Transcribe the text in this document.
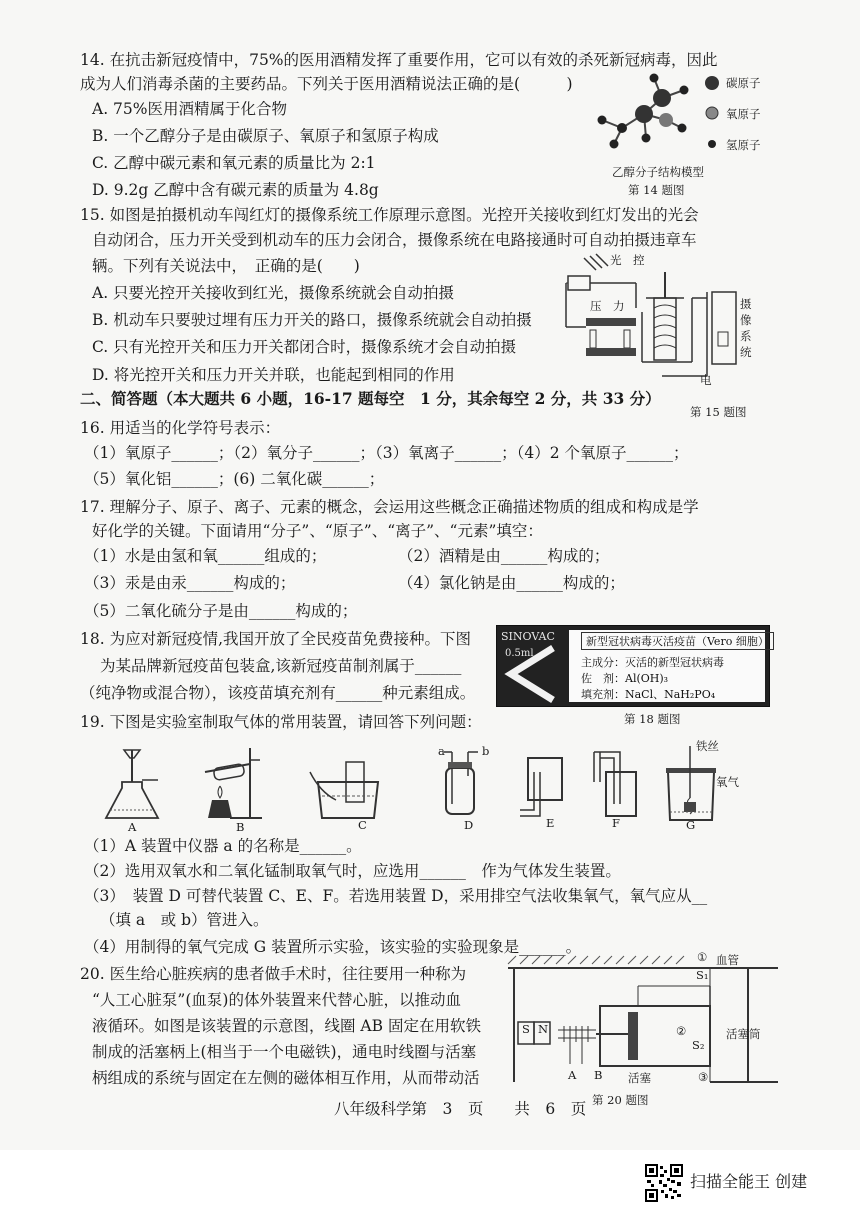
14. 在抗击新冠疫情中，75%的医用酒精发挥了重要作用，它可以有效的杀死新冠病毒，因此
成为人们消毒杀菌的主要药品。下列关于医用酒精说法正确的是(　　　)
A. 75%医用酒精属于化合物
B. 一个乙醇分子是由碳原子、氧原子和氢原子构成
C. 乙醇中碳元素和氧元素的质量比为 2:1
D. 9.2g 乙醇中含有碳元素的质量为 4.8g
碳原子
氧原子
氢原子
乙醇分子结构模型
第 14 题图
15. 如图是拍摄机动车闯红灯的摄像系统工作原理示意图。光控开关接收到红灯发出的光会
自动闭合，压力开关受到机动车的压力会闭合，摄像系统在电路接通时可自动拍摄违章车
辆。下列有关说法中，　正确的是(　　)
A. 只要光控开关接收到红光，摄像系统就会自动拍摄
B. 机动车只要驶过埋有压力开关的路口，摄像系统就会自动拍摄
C. 只有光控开关和压力开关都闭合时，摄像系统才会自动拍摄
D. 将光控开关和压力开关并联，也能起到相同的作用
光　控
压　力	摄像系统
电
第 15 题图
二、简答题（本大题共 6 小题，16-17 题每空　1 分，其余每空 2 分，共 33 分）
16. 用适当的化学符号表示：
（1）氧原子______；（2）氧分子______；（3）氧离子______；（4）2 个氧原子______；
（5）氧化铝______；(6) 二氧化碳______；
17. 理解分子、原子、离子、元素的概念，会运用这些概念正确描述物质的组成和构成是学
好化学的关键。下面请用“分子”、“原子”、“离子”、“元素”填空：
（1）水是由氢和氧______组成的；	（2）酒精是由______构成的；
（3）汞是由汞______构成的；	（4）氯化钠是由______构成的；
（5）二氧化硫分子是由______构成的；
18. 为应对新冠疫情,我国开放了全民疫苗免费接种。下图
为某品牌新冠疫苗包装盒,该新冠疫苗制剂属于______
（纯净物或混合物），该疫苗填充剂有______种元素组成。
SINOVAC
0.5ml
新型冠状病毒灭活疫苗（Vero 细胞）
主成分：灭活的新型冠状病毒
佐　剂：Al(OH)₃
填充剂：NaCl、NaH₂PO₄
第 18 题图
19. 下图是实验室制取气体的常用装置，请回答下列问题：
A	B	C	D	E	F	G
a	b	铁丝
氧气
（1）A 装置中仪器 a 的名称是______。
（2）选用双氧水和二氧化锰制取氧气时，应选用______　作为气体发生装置。
（3）　装置 D 可替代装置 C、E、F。若选用装置 D，采用排空气法收集氧气，氧气应从__
（填 a　或 b）管进入。
（4）用制得的氧气完成 G 装置所示实验，该实验的实验现象是______。
20. 医生给心脏疾病的患者做手术时，往往要用一种称为
“人工心脏泵”(血泵)的体外装置来代替心脏，以推动血
液循环。如图是该装置的示意图，线圈 AB 固定在用软铁
制成的活塞柄上(相当于一个电磁铁)，通电时线圈与活塞
柄组成的系统与固定在左侧的磁体相互作用，从而带动活
① 血管
S₁
②	活塞筒
S₂
③
S N
A B 活塞
第 20 题图
八年级科学第　3　页　　共　6　页
扫描全能王 创建
